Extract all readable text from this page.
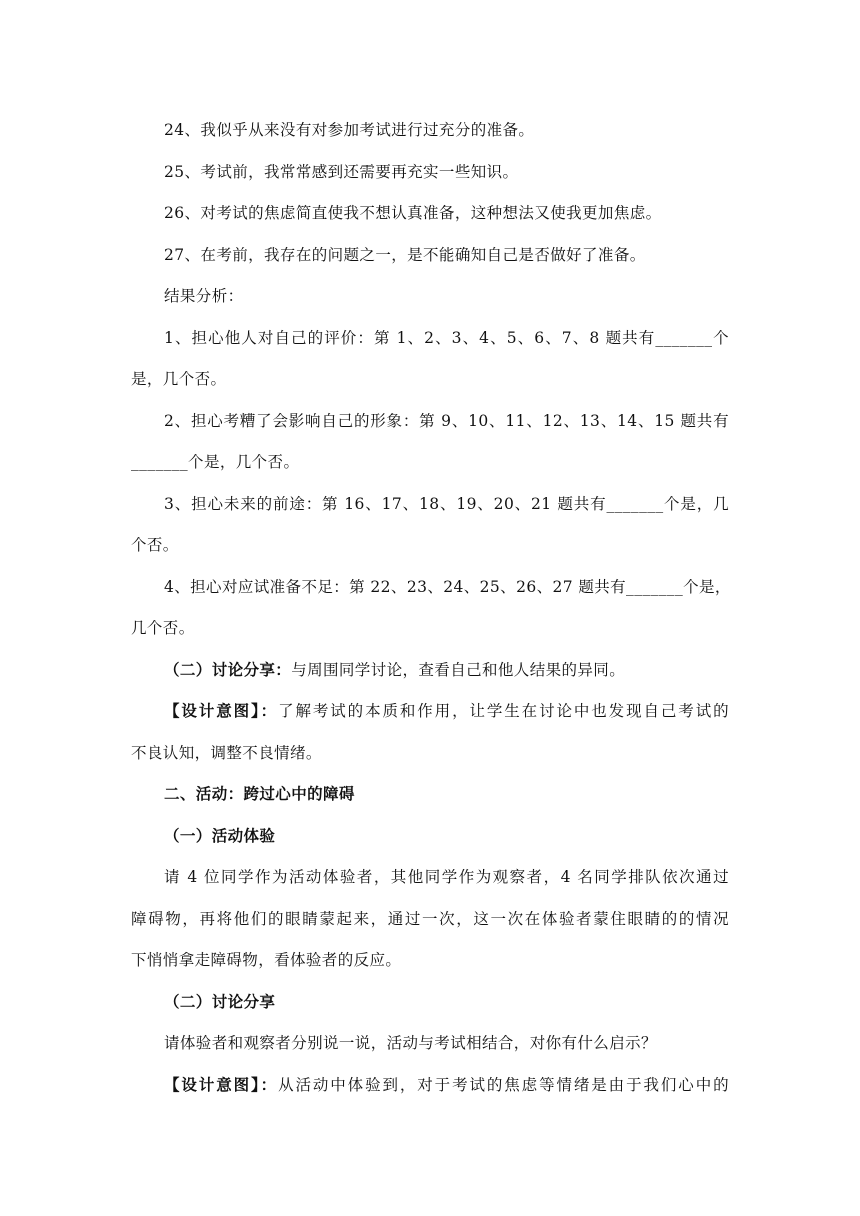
24、我似乎从来没有对参加考试进行过充分的准备。
25、考试前，我常常感到还需要再充实一些知识。
26、对考试的焦虑简直使我不想认真准备，这种想法又使我更加焦虑。
27、在考前，我存在的问题之一，是不能确知自己是否做好了准备。
结果分析：
1、担心他人对自己的评价：第 1、2、3、4、5、6、7、8 题共有_______个
是，几个否。
2、担心考糟了会影响自己的形象：第 9、10、11、12、13、14、15 题共有
_______个是，几个否。
3、担心未来的前途：第 16、17、18、19、20、21 题共有_______个是，几
个否。
4、担心对应试准备不足：第 22、23、24、25、26、27 题共有_______个是，
几个否。
（二）讨论分享：与周围同学讨论，查看自己和他人结果的异同。
【设计意图】：了解考试的本质和作用，让学生在讨论中也发现自己考试的
不良认知，调整不良情绪。
二、活动：跨过心中的障碍
（一）活动体验
请 4 位同学作为活动体验者，其他同学作为观察者，4 名同学排队依次通过
障碍物，再将他们的眼睛蒙起来，通过一次，这一次在体验者蒙住眼睛的的情况
下悄悄拿走障碍物，看体验者的反应。
（二）讨论分享
请体验者和观察者分别说一说，活动与考试相结合，对你有什么启示？
【设计意图】：从活动中体验到，对于考试的焦虑等情绪是由于我们心中的
